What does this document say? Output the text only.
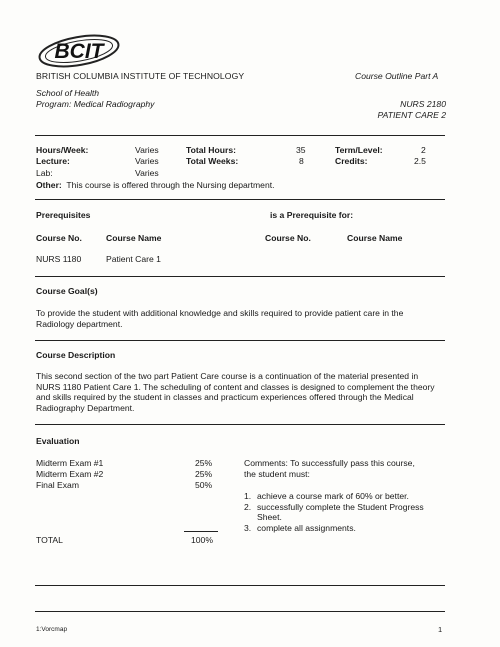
BCIT
BRITISH COLUMBIA INSTITUTE OF TECHNOLOGY	Course Outline Part A
School of Health
Program: Medical Radiography	NURS 2180
PATIENT CARE 2
Hours/Week:	Varies	Total Hours:	35	Term/Level:	2
Lecture:	Varies	Total Weeks:	8	Credits:	2.5
Lab:	Varies
Other: This course is offered through the Nursing department.
Prerequisites	is a Prerequisite for:
Course No.	Course Name	Course No.	Course Name
NURS 1180	Patient Care 1
Course Goal(s)
To provide the student with additional knowledge and skills required to provide patient care in the Radiology department.
Course Description
This second section of the two part Patient Care course is a continuation of the material presented in NURS 1180 Patient Care 1. The scheduling of content and classes is designed to complement the theory and skills required by the student in classes and practicum experiences offered through the Medical Radiography Department.
Evaluation
Midterm Exam #1	25%
Midterm Exam #2	25%
Final Exam	50%
TOTAL	100%
Comments: To successfully pass this course,
the student must:
1. achieve a course mark of 60% or better.
2. successfully complete the Student Progress
Sheet.
3. complete all assignments.
1:Vorcmap	1
